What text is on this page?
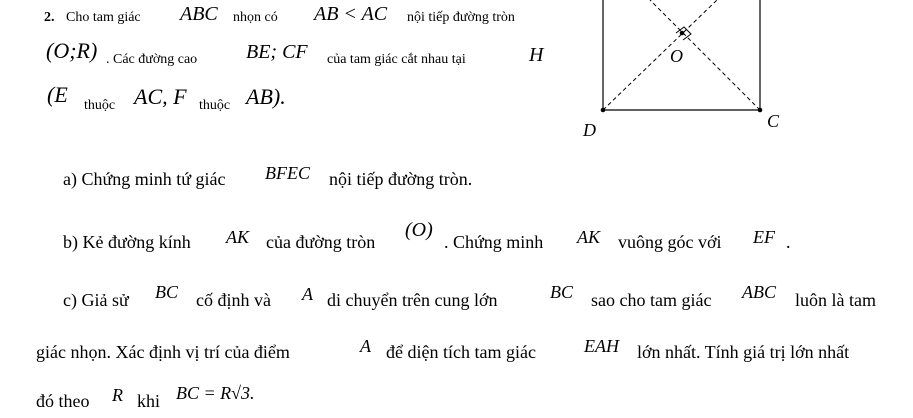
2. Cho tam giác ABC nhọn có AB < AC nội tiếp đường tròn
(O;R) . Các đường cao BE; CF của tam giác cắt nhau tại	H
(E thuộc AC, F thuộc AB).
a) Chứng minh tứ giác BFEC nội tiếp đường tròn.
b) Kẻ đường kính AK của đường tròn
(O)
. Chứng minh AK vuông góc với EF .
c) Giả sử BC cố định và A di chuyển trên cung lớn	BC sao cho tam giác ABC luôn là tam
giác nhọn. Xác định vị trí của điểm	A để diện tích tam giác	EAH lớn nhất. Tính giá trị lớn nhất
đó theo R khi BC = R√3.
O
D	C
